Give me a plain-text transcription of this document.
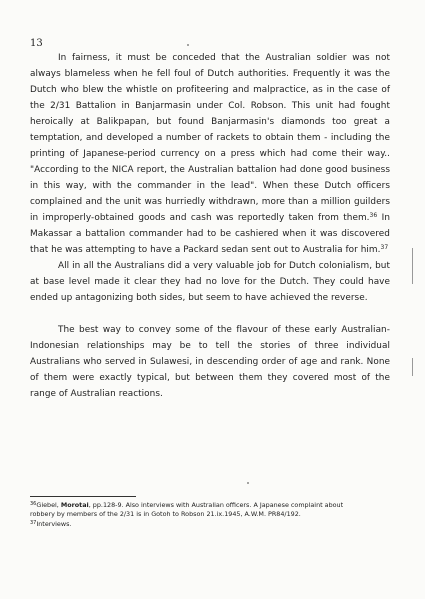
13

In fairness, it must be conceded that the Australian soldier was not always blameless when he fell foul of Dutch authorities. Frequently it was the Dutch who blew the whistle on profiteering and malpractice, as in the case of the 2/31 Battalion in Banjarmasin under Col. Robson. This unit had fought heroically at Balikpapan, but found Banjarmasin's diamonds too great a temptation, and developed a number of rackets to obtain them - including the printing of Japanese-period currency on a press which had come their way.. "According to the NICA report, the Australian battalion had done good business in this way, with the commander in the lead". When these Dutch officers complained and the unit was hurriedly withdrawn, more than a million guilders in improperly-obtained goods and cash was reportedly taken from them.$^{36}$ In Makassar a battalion commander had to be cashiered when it was discovered that he was attempting to have a Packard sedan sent out to Australia for him.$^{37}$

All in all the Australians did a very valuable job for Dutch colonialism, but at base level made it clear they had no love for the Dutch. They could have ended up antagonizing both sides, but seem to have achieved the reverse.

The best way to convey some of the flavour of these early Australian-Indonesian relationships may be to tell the stories of three individual Australians who served in Sulawesi, in descending order of age and rank. None of them were exactly typical, but between them they covered most of the range of Australian reactions.

$^{36}$Giebel, Morotai, pp.128-9. Also interviews with Australian officers. A Japanese complaint about robbery by members of the 2/31 is in Gotoh to Robson 21.ix.1945, A.W.M. PR84/192.

$^{37}$Interviews.
